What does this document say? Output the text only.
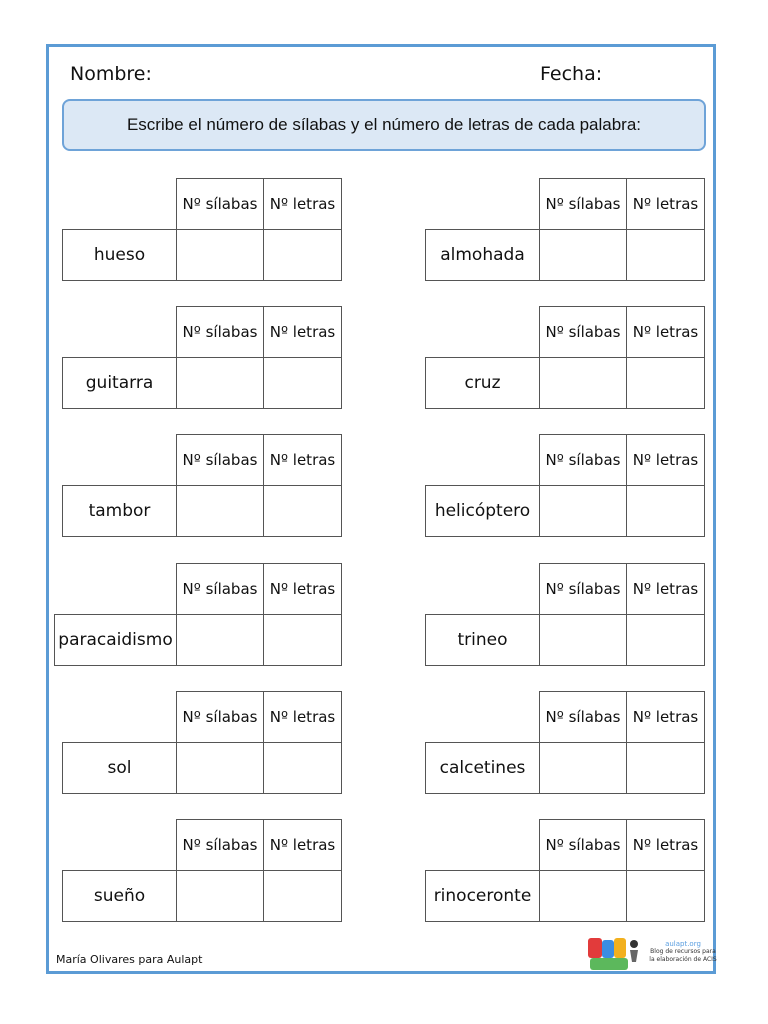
Nombre:	Fecha:
Escribe el número de sílabas y el número de letras de cada palabra:
Nº sílabas Nº letras
hueso
Nº sílabas Nº letras
guitarra
Nº sílabas Nº letras
tambor
Nº sílabas Nº letras
paracaidismo
Nº sílabas Nº letras
sol
Nº sílabas Nº letras
sueño
Nº sílabas Nº letras
almohada
Nº sílabas Nº letras
cruz
Nº sílabas Nº letras
helicóptero
Nº sílabas Nº letras
trineo
Nº sílabas Nº letras
calcetines
Nº sílabas Nº letras
rinoceronte
María Olivares para Aulapt
aulapt.org
Blog de recursos para la elaboración de ACIS
